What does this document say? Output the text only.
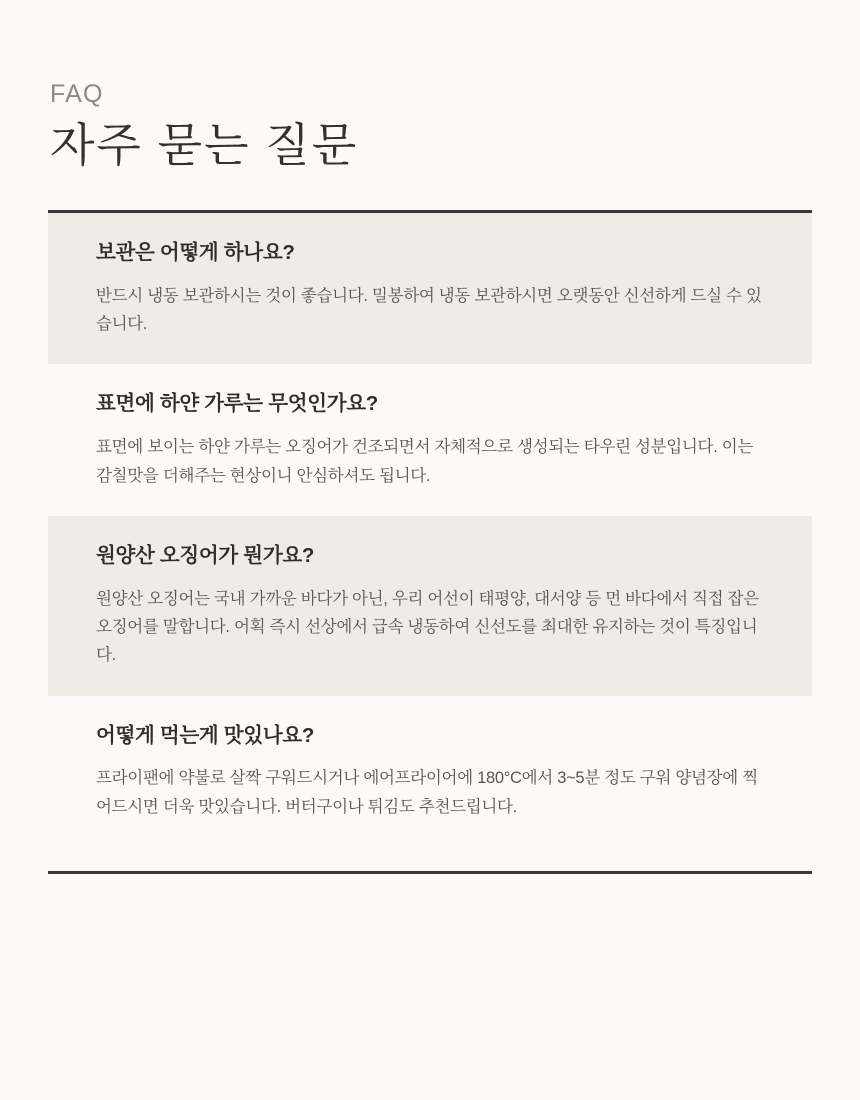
FAQ
자주 묻는 질문
보관은 어떻게 하나요?
반드시 냉동 보관하시는 것이 좋습니다. 밀봉하여 냉동 보관하시면 오랫동안 신선하게 드실 수 있습니다.
표면에 하얀 가루는 무엇인가요?
표면에 보이는 하얀 가루는 오징어가 건조되면서 자체적으로 생성되는 타우린 성분입니다. 이는 감칠맛을 더해주는 현상이니 안심하셔도 됩니다.
원양산 오징어가 뭔가요?
원양산 오징어는 국내 가까운 바다가 아닌, 우리 어선이 태평양, 대서양 등 먼 바다에서 직접 잡은 오징어를 말합니다. 어획 즉시 선상에서 급속 냉동하여 신선도를 최대한 유지하는 것이 특징입니다.
어떻게 먹는게 맛있나요?
프라이팬에 약불로 살짝 구워드시거나 에어프라이어에 180°C에서 3~5분 정도 구워 양념장에 찍어드시면 더욱 맛있습니다. 버터구이나 튀김도 추천드립니다.
